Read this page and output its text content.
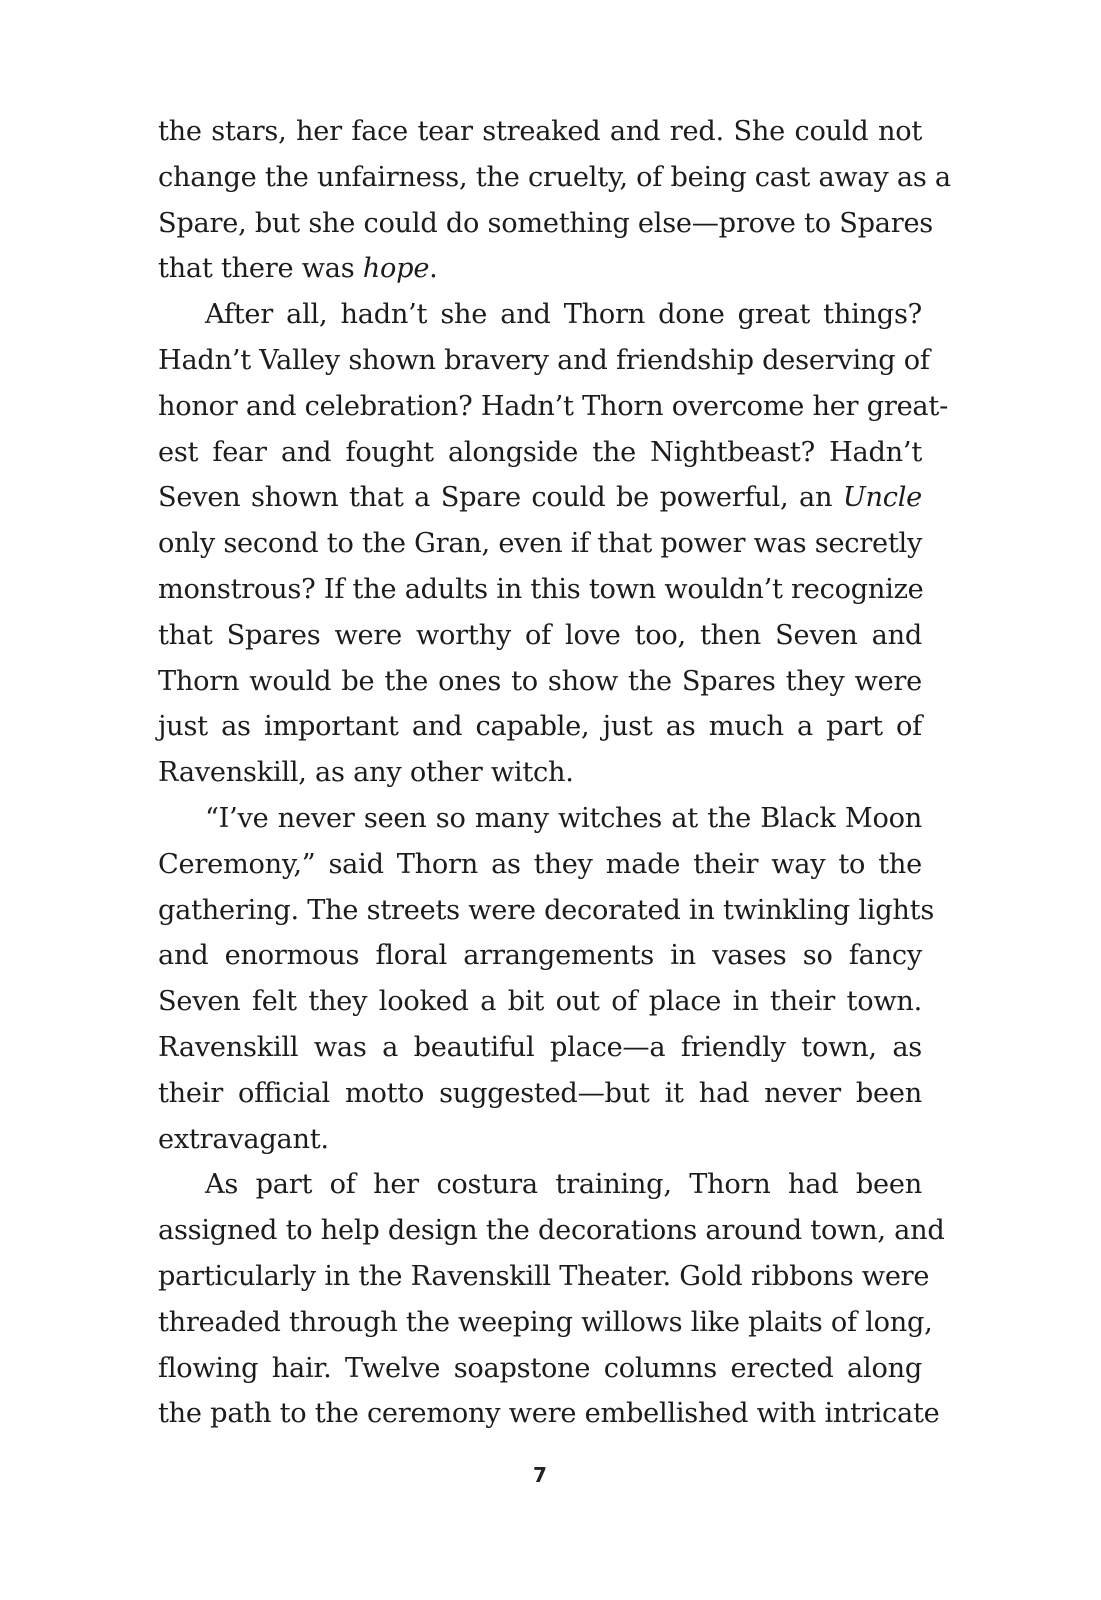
the stars, her face tear streaked and red. She could not
change the unfairness, the cruelty, of being cast away as a
Spare, but she could do something else—prove to Spares
that there was hope.
After all, hadn’t she and Thorn done great things?
Hadn’t Valley shown bravery and friendship deserving of
honor and celebration? Hadn’t Thorn overcome her great-
est fear and fought alongside the Nightbeast? Hadn’t
Seven shown that a Spare could be powerful, an Uncle
only second to the Gran, even if that power was secretly
monstrous? If the adults in this town wouldn’t recognize
that Spares were worthy of love too, then Seven and
Thorn would be the ones to show the Spares they were
just as important and capable, just as much a part of
Ravenskill, as any other witch.
“I’ve never seen so many witches at the Black Moon
Ceremony,” said Thorn as they made their way to the
gathering. The streets were decorated in twinkling lights
and enormous floral arrangements in vases so fancy
Seven felt they looked a bit out of place in their town.
Ravenskill was a beautiful place—a friendly town, as
their official motto suggested—but it had never been
extravagant.
As part of her costura training, Thorn had been
assigned to help design the decorations around town, and
particularly in the Ravenskill Theater. Gold ribbons were
threaded through the weeping willows like plaits of long,
flowing hair. Twelve soapstone columns erected along
the path to the ceremony were embellished with intricate
7
